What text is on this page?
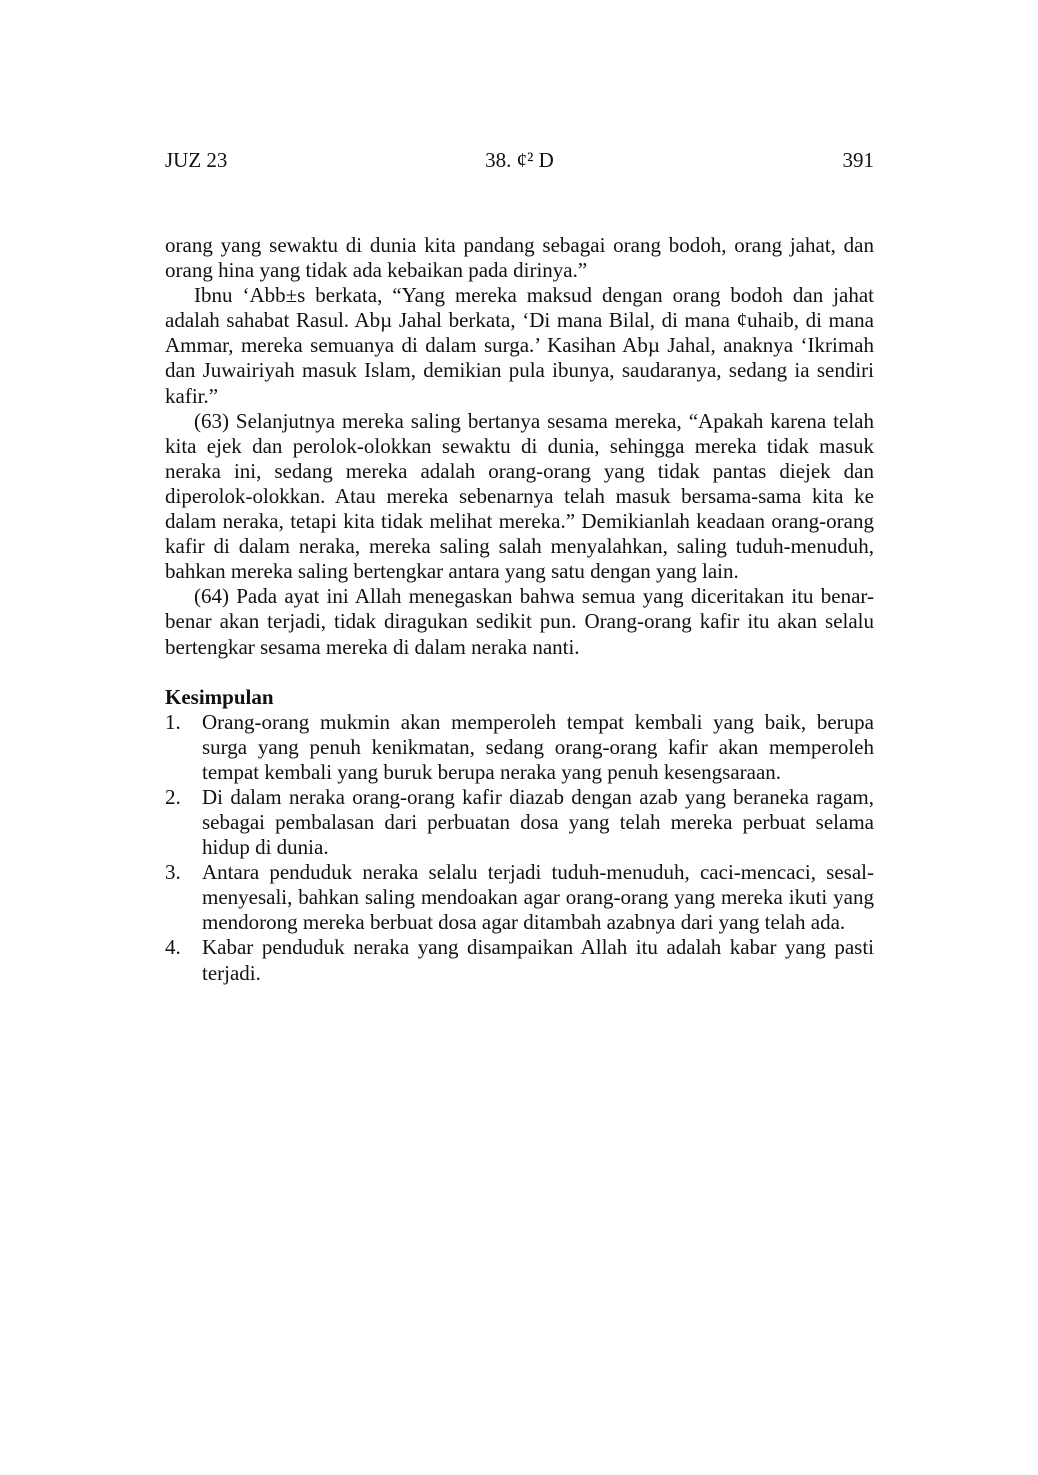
JUZ 23	38. ¢² D	391

orang yang sewaktu di dunia kita pandang sebagai orang bodoh, orang jahat, dan orang hina yang tidak ada kebaikan pada dirinya.”

Ibnu ‘Abb±s berkata, “Yang mereka maksud dengan orang bodoh dan jahat adalah sahabat Rasul. Abµ Jahal berkata, ‘Di mana Bilal, di mana ¢uhaib, di mana Ammar, mereka semuanya di dalam surga.’ Kasihan Abµ Jahal, anaknya ‘Ikrimah dan Juwairiyah masuk Islam, demikian pula ibunya, saudaranya, sedang ia sendiri kafir.”

(63) Selanjutnya mereka saling bertanya sesama mereka, “Apakah karena telah kita ejek dan perolok-olokkan sewaktu di dunia, sehingga mereka tidak masuk neraka ini, sedang mereka adalah orang-orang yang tidak pantas diejek dan diperolok-olokkan. Atau mereka sebenarnya telah masuk bersama-sama kita ke dalam neraka, tetapi kita tidak melihat mereka.” Demikianlah keadaan orang-orang kafir di dalam neraka, mereka saling salah menyalahkan, saling tuduh-menuduh, bahkan mereka saling bertengkar antara yang satu dengan yang lain.

(64) Pada ayat ini Allah menegaskan bahwa semua yang diceritakan itu benar-benar akan terjadi, tidak diragukan sedikit pun. Orang-orang kafir itu akan selalu bertengkar sesama mereka di dalam neraka nanti.

Kesimpulan
1. Orang-orang mukmin akan memperoleh tempat kembali yang baik, berupa surga yang penuh kenikmatan, sedang orang-orang kafir akan memperoleh tempat kembali yang buruk berupa neraka yang penuh kesengsaraan.
2. Di dalam neraka orang-orang kafir diazab dengan azab yang beraneka ragam, sebagai pembalasan dari perbuatan dosa yang telah mereka perbuat selama hidup di dunia.
3. Antara penduduk neraka selalu terjadi tuduh-menuduh, caci-mencaci, sesal-menyesali, bahkan saling mendoakan agar orang-orang yang mereka ikuti yang mendorong mereka berbuat dosa agar ditambah azabnya dari yang telah ada.
4. Kabar penduduk neraka yang disampaikan Allah itu adalah kabar yang pasti terjadi.
